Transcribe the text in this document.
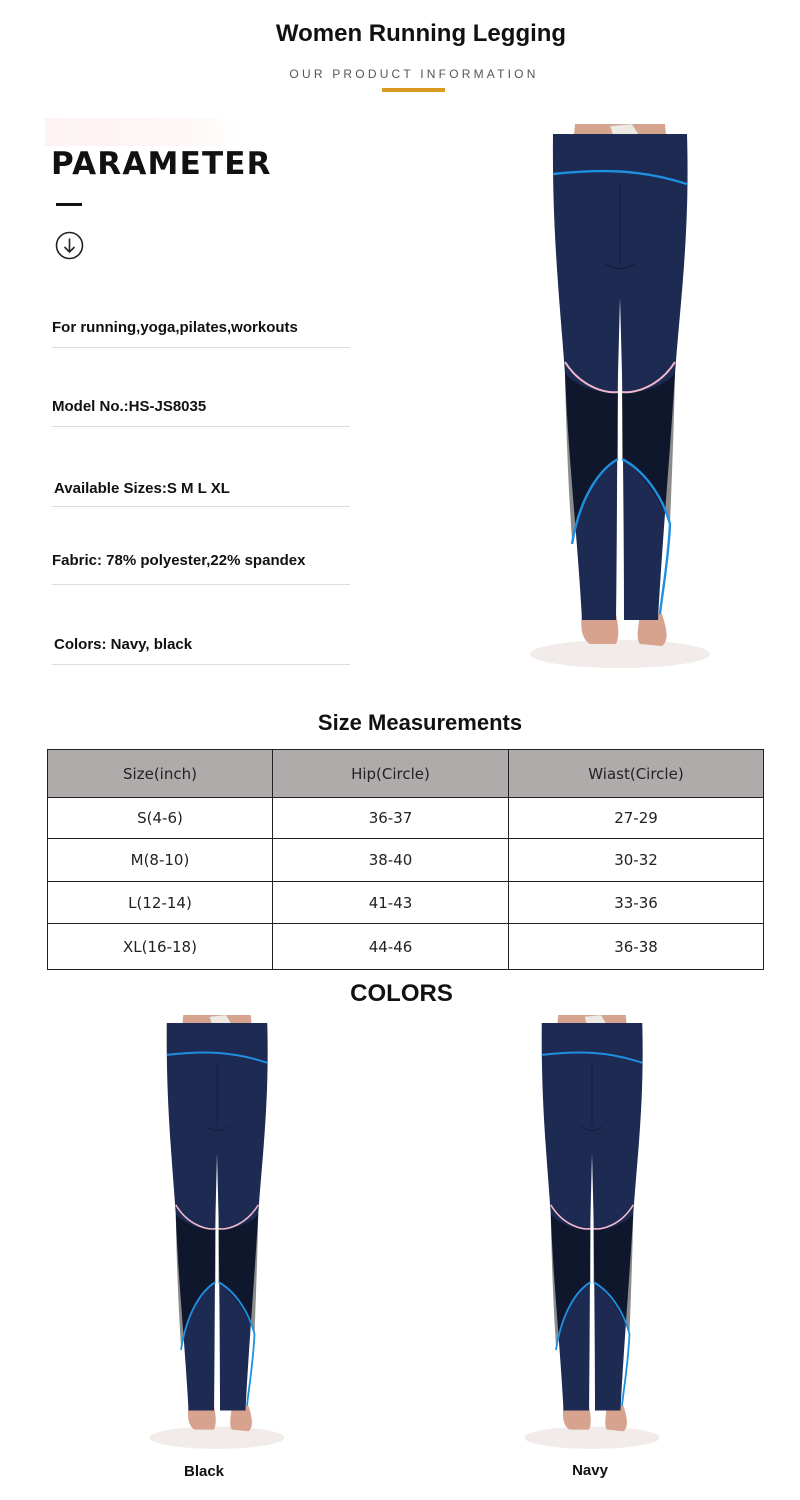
Women Running Legging
OUR PRODUCT INFORMATION
PARAMETER
For running,yoga,pilates,workouts
Model No.:HS-JS8035
Available Sizes:S M L XL
Fabric: 78% polyester,22% spandex
Colors: Navy, black
Size Measurements
Size(inch)	Hip(Circle)	Wiast(Circle)
S(4-6)	36-37	27-29
M(8-10)	38-40	30-32
L(12-14)	41-43	33-36
XL(16-18)	44-46	36-38
COLORS
Black	Navy
